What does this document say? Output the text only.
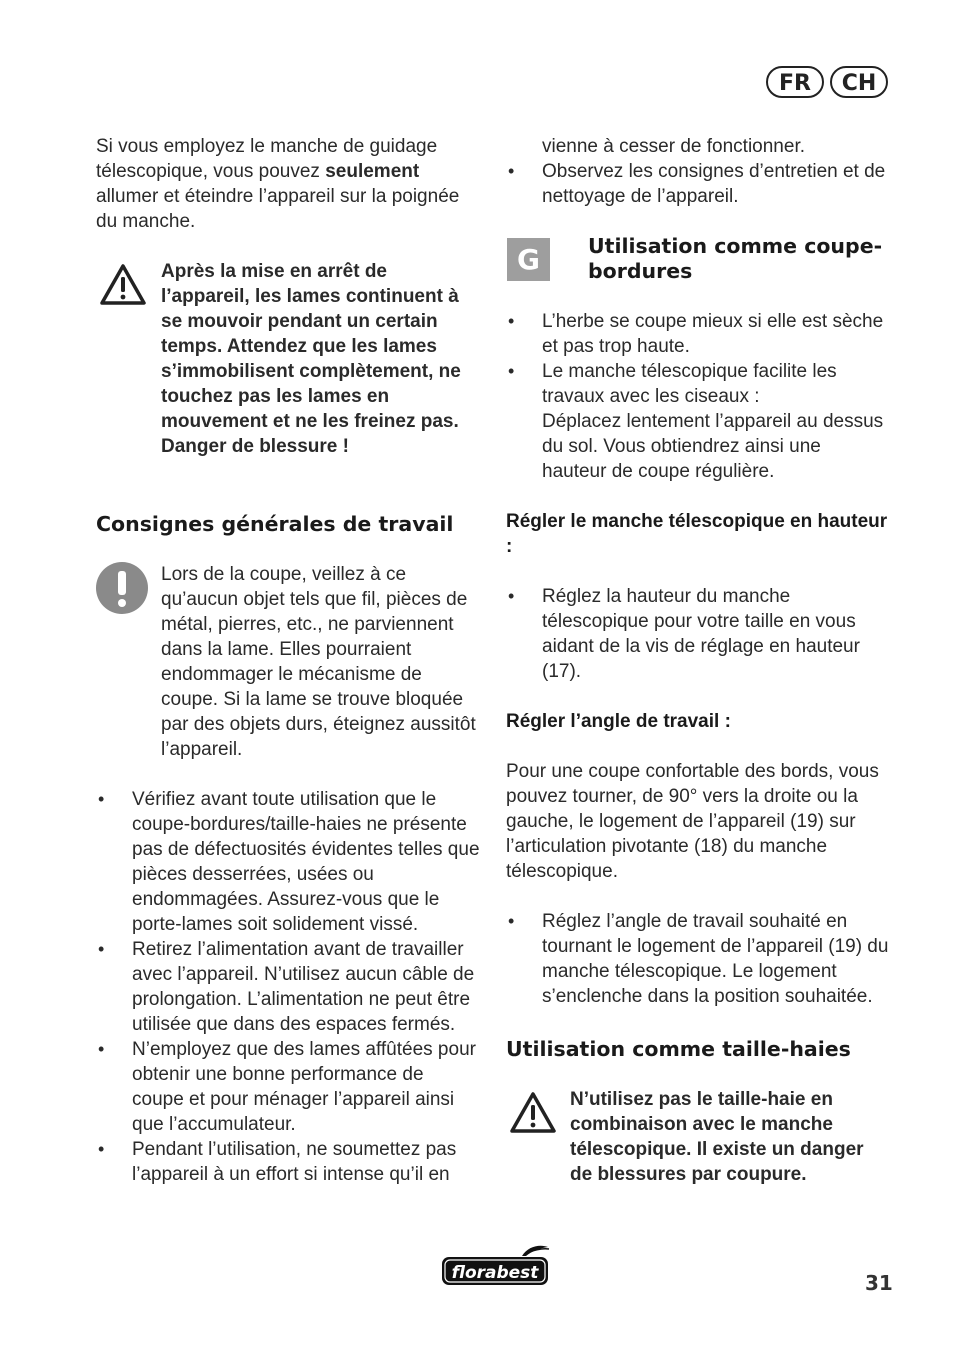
FR	CH

Si vous employez le manche de guidage télescopique, vous pouvez seulement allumer et éteindre l’appareil sur la poignée du manche.

Après la mise en arrêt de l’appareil, les lames continuent à se mouvoir pendant un certain temps. Attendez que les lames s’immobilisent complètement, ne touchez pas les lames en mouvement et ne les freinez pas. Danger de blessure !

Consignes générales de travail

Lors de la coupe, veillez à ce qu’aucun objet tels que fil, pièces de métal, pierres, etc., ne parviennent dans la lame. Elles pourraient endommager le mécanisme de coupe. Si la lame se trouve bloquée par des objets durs, éteignez aussitôt l’appareil.

• Vérifiez avant toute utilisation que le coupe-bordures/taille-haies ne présente pas de défectuosités évidentes telles que pièces desserrées, usées ou endommagées. Assurez-vous que le porte-lames soit solidement vissé.
• Retirez l’alimentation avant de travailler avec l’appareil. N’utilisez aucun câble de prolongation. L’alimentation ne peut être utilisée que dans des espaces fermés.
• N’employez que des lames affûtées pour obtenir une bonne performance de coupe et pour ménager l’appareil ainsi que l’accumulateur.
• Pendant l’utilisation, ne soumettez pas l’appareil à un effort si intense qu’il en

vienne à cesser de fonctionner.

• Observez les consignes d’entretien et de nettoyage de l’appareil.
G	Utilisation comme coupe-bordures
• L’herbe se coupe mieux si elle est sèche et pas trop haute.
• Le manche télescopique facilite les travaux avec les ciseaux :
Déplacez lentement l’appareil au dessus du sol. Vous obtiendrez ainsi une hauteur de coupe régulière.
Régler le manche télescopique en hauteur :
• Réglez la hauteur du manche télescopique pour votre taille en vous aidant de la vis de réglage en hauteur (17).
Régler l’angle de travail :

Pour une coupe confortable des bords, vous pouvez tourner, de 90° vers la droite ou la gauche, le logement de l’appareil (19) sur l’articulation pivotante (18) du manche télescopique.

• Réglez l’angle de travail souhaité en tournant le logement de l’appareil (19) du manche télescopique. Le logement s’enclenche dans la position souhaitée.
Utilisation comme taille-haies

N’utilisez pas le taille-haie en combinaison avec le manche télescopique. Il existe un danger de blessures par coupure.

florabest	31
